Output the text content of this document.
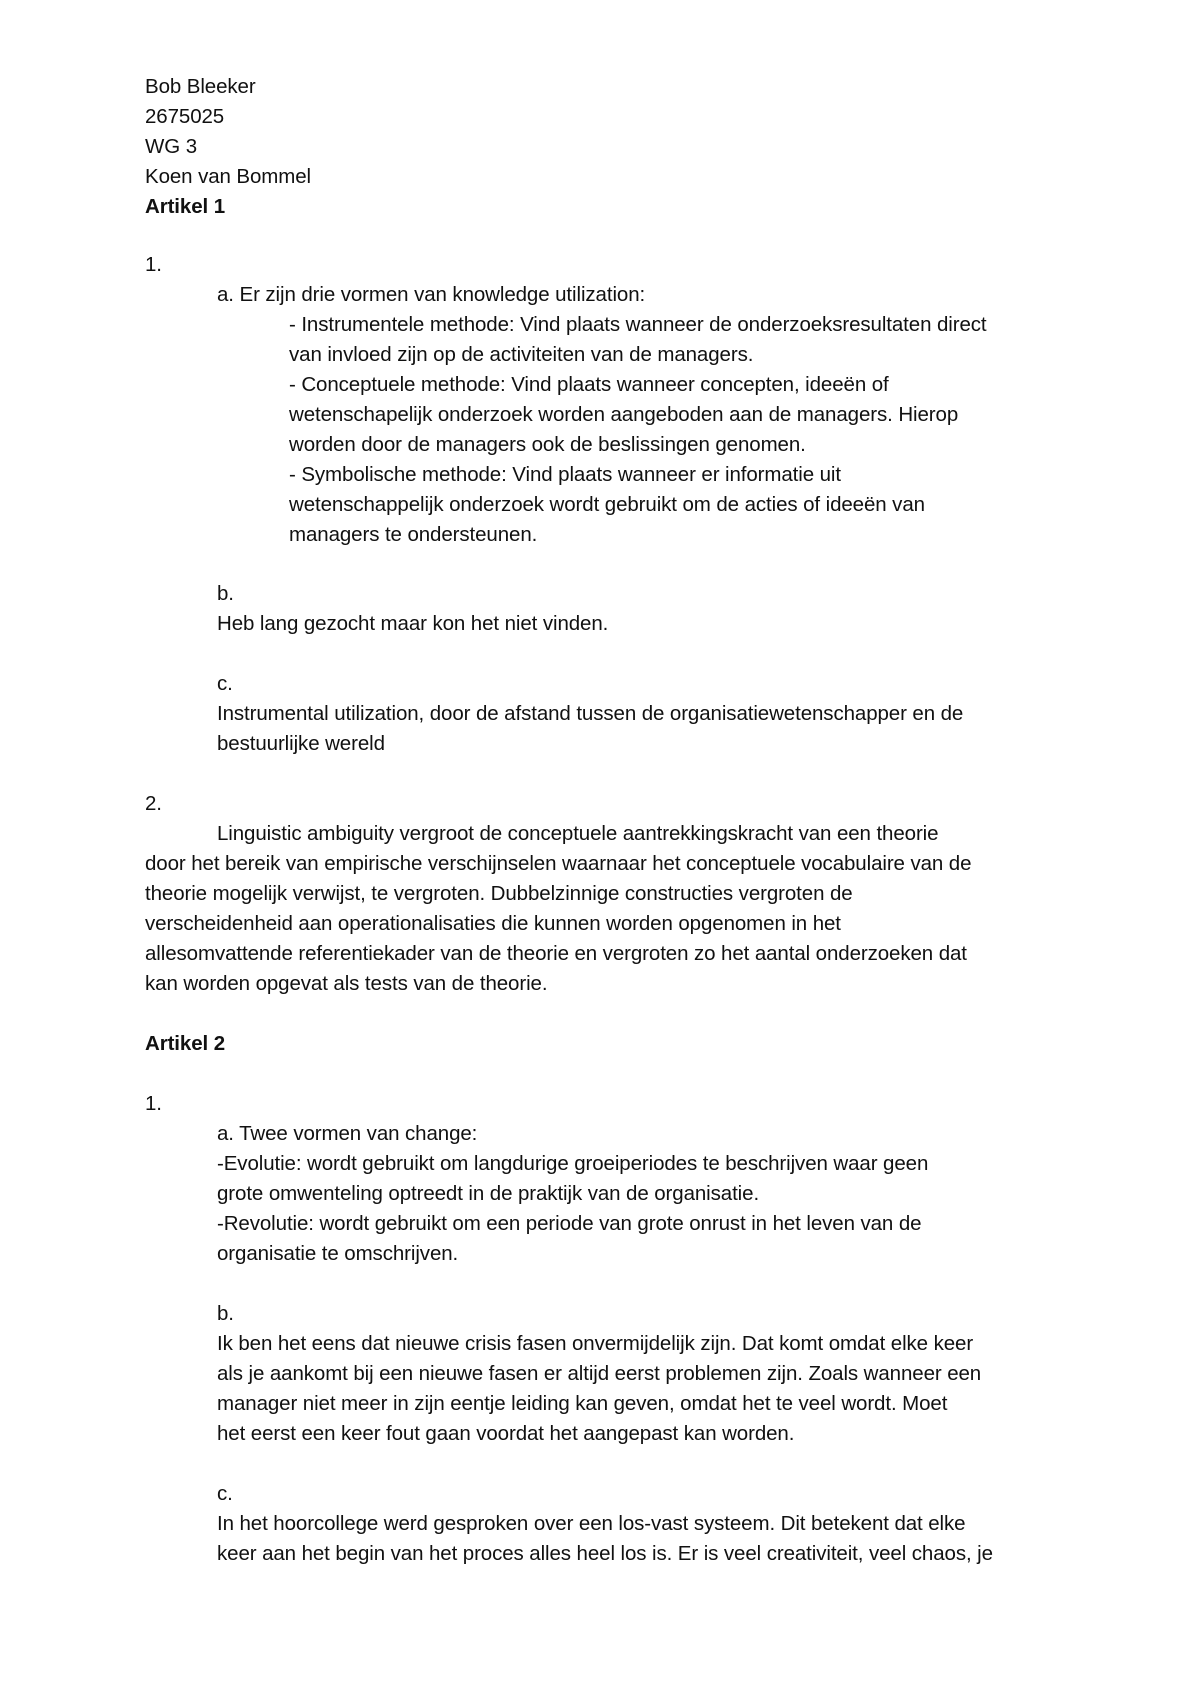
Bob Bleeker
2675025
WG 3
Koen van Bommel
Artikel 1
1.
a. Er zijn drie vormen van knowledge utilization:
- Instrumentele methode: Vind plaats wanneer de onderzoeksresultaten direct
van invloed zijn op de activiteiten van de managers.
- Conceptuele methode: Vind plaats wanneer concepten, ideeën of
wetenschapelijk onderzoek worden aangeboden aan de managers. Hierop
worden door de managers ook de beslissingen genomen.
- Symbolische methode: Vind plaats wanneer er informatie uit
wetenschappelijk onderzoek wordt gebruikt om de acties of ideeën van
managers te ondersteunen.
b.
Heb lang gezocht maar kon het niet vinden.
c.
Instrumental utilization, door de afstand tussen de organisatiewetenschapper en de
bestuurlijke wereld
2.
Linguistic ambiguity vergroot de conceptuele aantrekkingskracht van een theorie
door het bereik van empirische verschijnselen waarnaar het conceptuele vocabulaire van de
theorie mogelijk verwijst, te vergroten. Dubbelzinnige constructies vergroten de
verscheidenheid aan operationalisaties die kunnen worden opgenomen in het
allesomvattende referentiekader van de theorie en vergroten zo het aantal onderzoeken dat
kan worden opgevat als tests van de theorie.
Artikel 2
1.
a. Twee vormen van change:
-Evolutie: wordt gebruikt om langdurige groeiperiodes te beschrijven waar geen
grote omwenteling optreedt in de praktijk van de organisatie.
-Revolutie: wordt gebruikt om een periode van grote onrust in het leven van de
organisatie te omschrijven.
b.
Ik ben het eens dat nieuwe crisis fasen onvermijdelijk zijn. Dat komt omdat elke keer
als je aankomt bij een nieuwe fasen er altijd eerst problemen zijn. Zoals wanneer een
manager niet meer in zijn eentje leiding kan geven, omdat het te veel wordt. Moet
het eerst een keer fout gaan voordat het aangepast kan worden.
c.
In het hoorcollege werd gesproken over een los-vast systeem. Dit betekent dat elke
keer aan het begin van het proces alles heel los is. Er is veel creativiteit, veel chaos, je
